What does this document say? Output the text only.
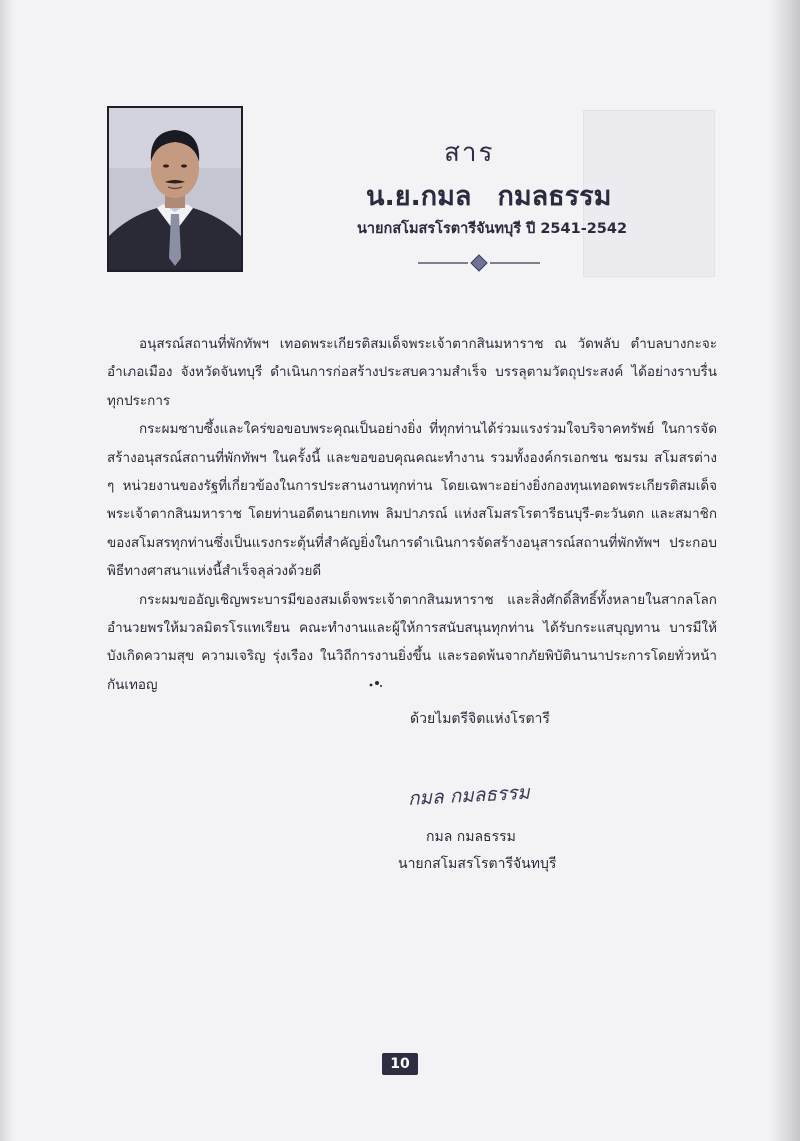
สาร
น.ย.กมล กมลธรรม
นายกสโมสรโรตารีจันทบุรี ปี 2541-2542

อนุสรณ์สถานที่พักทัพฯ เทอดพระเกียรติสมเด็จพระเจ้าตากสินมหาราช ณ วัดพลับ ตำบลบางกะจะ อำเภอเมือง จังหวัดจันทบุรี ดำเนินการก่อสร้างประสบความสำเร็จ บรรลุตามวัตถุประสงค์ ได้อย่างราบรื่นทุกประการ

กระผมซาบซึ้งและใคร่ขอขอบพระคุณเป็นอย่างยิ่ง ที่ทุกท่านได้ร่วมแรงร่วมใจบริจาคทรัพย์ ในการจัดสร้างอนุสรณ์สถานที่พักทัพฯ ในครั้งนี้ และขอขอบคุณคณะทำงาน รวมทั้งองค์กรเอกชน ชมรม สโมสรต่าง ๆ หน่วยงานของรัฐที่เกี่ยวข้องในการประสานงานทุกท่าน โดยเฉพาะอย่างยิ่งกองทุนเทอดพระเกียรติสมเด็จพระเจ้าตากสินมหาราช โดยท่านอดีตนายกเทพ ลิมปาภรณ์ แห่งสโมสรโรตารีธนบุรี-ตะวันตก และสมาชิกของสโมสรทุกท่านซึ่งเป็นแรงกระตุ้นที่สำคัญยิ่งในการดำเนินการจัดสร้างอนุสารณ์สถานที่พักทัพฯ ประกอบพิธีทางศาสนาแห่งนี้สำเร็จลุล่วงด้วยดี

กระผมขออัญเชิญพระบารมีของสมเด็จพระเจ้าตากสินมหาราช และสิ่งศักดิ์สิทธิ์ทั้งหลายในสากลโลกอำนวยพรให้มวลมิตรโรแทเรียน คณะทำงานและผู้ให้การสนับสนุนทุกท่าน ได้รับกระแสบุญทาน บารมีให้บังเกิดความสุข ความเจริญ รุ่งเรือง ในวิถีการงานยิ่งขึ้น และรอดพ้นจากภัยพิบัตินานาประการโดยทั่วหน้ากันเทอญ

ด้วยไมตรีจิตแห่งโรตารี
กมล กมลธรรม
กมล กมลธรรม
นายกสโมสรโรตารีจันทบุรี
10
